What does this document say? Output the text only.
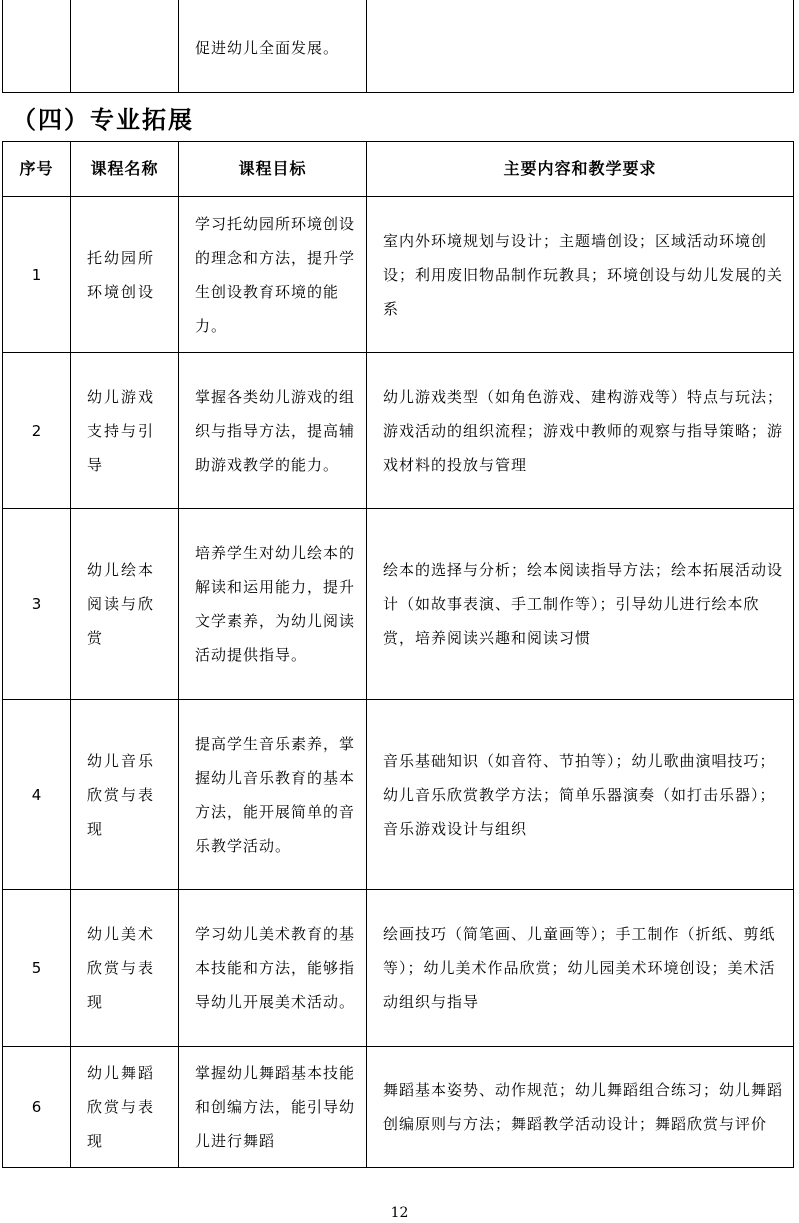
		促进幼儿全面发展。	
（四）专业拓展
序号	课程名称	课程目标	主要内容和教学要求
1	托幼园所环境创设	学习托幼园所环境创设的理念和方法，提升学生创设教育环境的能力。	室内外环境规划与设计；主题墙创设；区域活动环境创设；利用废旧物品制作玩教具；环境创设与幼儿发展的关系
2	幼儿游戏支持与引导	掌握各类幼儿游戏的组织与指导方法，提高辅助游戏教学的能力。	幼儿游戏类型（如角色游戏、建构游戏等）特点与玩法；游戏活动的组织流程；游戏中教师的观察与指导策略；游戏材料的投放与管理
3	幼儿绘本阅读与欣赏	培养学生对幼儿绘本的解读和运用能力，提升文学素养，为幼儿阅读活动提供指导。	绘本的选择与分析；绘本阅读指导方法；绘本拓展活动设计（如故事表演、手工制作等）；引导幼儿进行绘本欣赏，培养阅读兴趣和阅读习惯
4	幼儿音乐欣赏与表现	提高学生音乐素养，掌握幼儿音乐教育的基本方法，能开展简单的音乐教学活动。	音乐基础知识（如音符、节拍等）；幼儿歌曲演唱技巧；幼儿音乐欣赏教学方法；简单乐器演奏（如打击乐器）；音乐游戏设计与组织
5	幼儿美术欣赏与表现	学习幼儿美术教育的基本技能和方法，能够指导幼儿开展美术活动。	绘画技巧（简笔画、儿童画等）；手工制作（折纸、剪纸等）；幼儿美术作品欣赏；幼儿园美术环境创设；美术活动组织与指导
6	幼儿舞蹈欣赏与表现	掌握幼儿舞蹈基本技能和创编方法，能引导幼儿进行舞蹈	舞蹈基本姿势、动作规范；幼儿舞蹈组合练习；幼儿舞蹈创编原则与方法；舞蹈教学活动设计；舞蹈欣赏与评价
12
